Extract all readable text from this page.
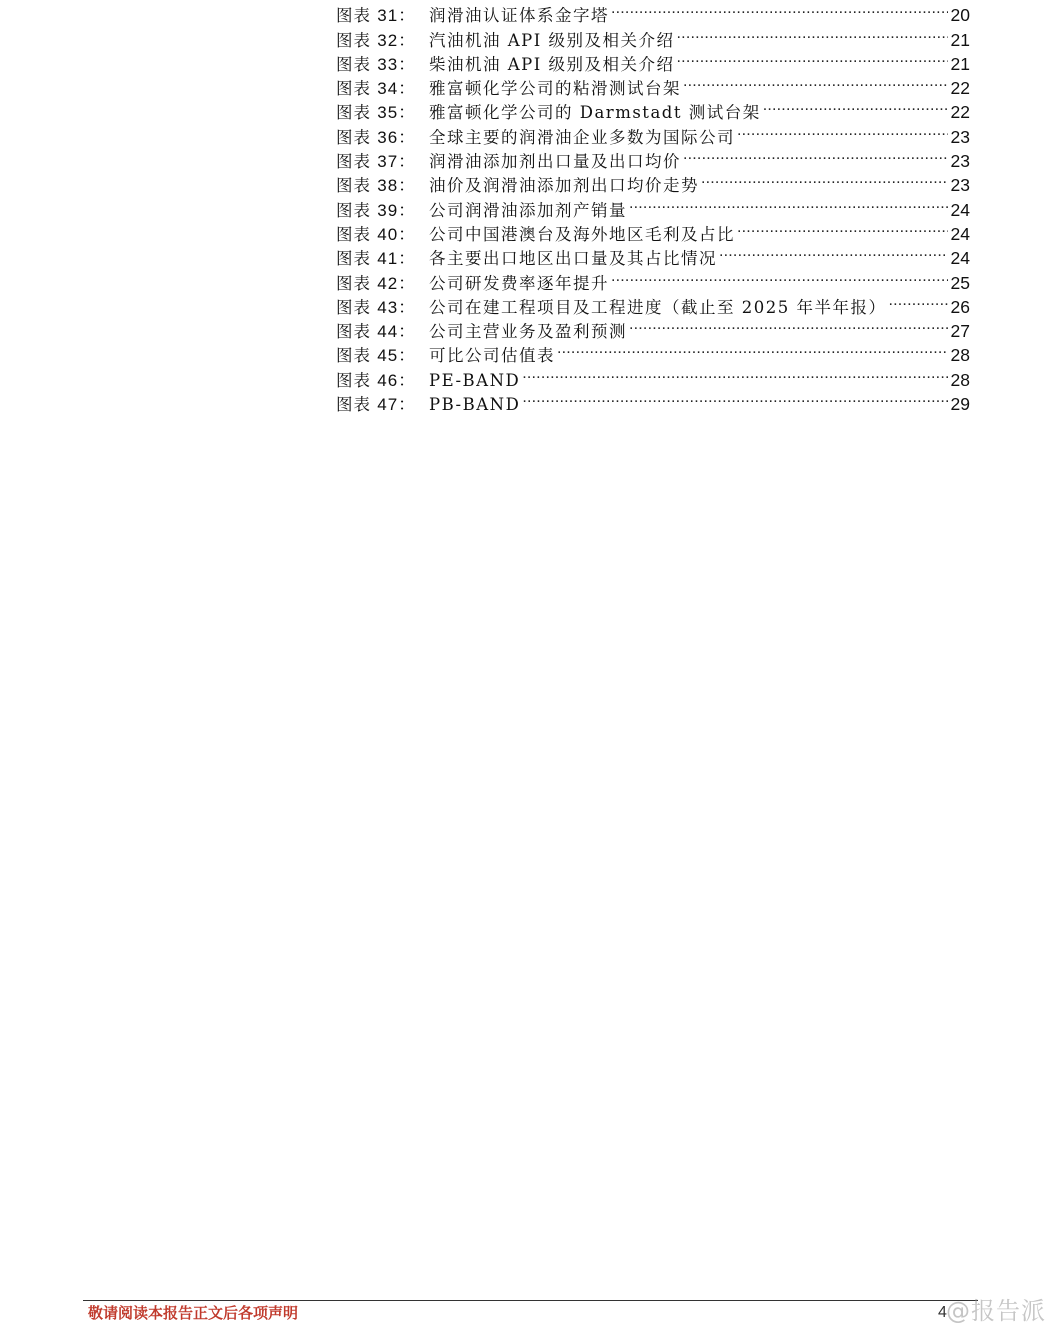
图表 31： 润滑油认证体系金字塔 .....	20
图表 32： 汽油机油 API 级别及相关介绍 .....	21
图表 33： 柴油机油 API 级别及相关介绍 .....	21
图表 34： 雅富顿化学公司的粘滑测试台架 .....	22
图表 35： 雅富顿化学公司的 Darmstadt 测试台架 .....	22
图表 36： 全球主要的润滑油企业多数为国际公司 .....	23
图表 37： 润滑油添加剂出口量及出口均价 .....	23
图表 38： 油价及润滑油添加剂出口均价走势 .....	23
图表 39： 公司润滑油添加剂产销量 .....	24
图表 40： 公司中国港澳台及海外地区毛利及占比 .....	24
图表 41： 各主要出口地区出口量及其占比情况 .....	24
图表 42： 公司研发费率逐年提升 .....	25
图表 43： 公司在建工程项目及工程进度（截止至 2025 年半年报） .....	26
图表 44： 公司主营业务及盈利预测 .....	27
图表 45： 可比公司估值表 .....	28
图表 46： PE-BAND .....	28
图表 47： PB-BAND .....	29
敬请阅读本报告正文后各项声明	4 @报告派
